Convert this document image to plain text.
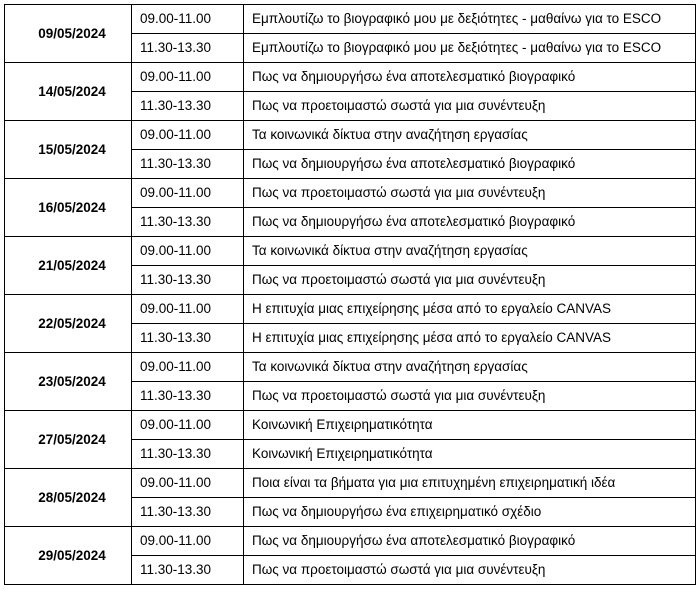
09/05/2024	09.00-11.00	Εμπλουτίζω το βιογραφικό μου με δεξιότητες - μαθαίνω για το ESCO
	11.30-13.30	Εμπλουτίζω το βιογραφικό μου με δεξιότητες - μαθαίνω για το ESCO
14/05/2024	09.00-11.00	Πως να δημιουργήσω ένα αποτελεσματικό βιογραφικό
	11.30-13.30	Πως να προετοιμαστώ σωστά για μια συνέντευξη
15/05/2024	09.00-11.00	Τα κοινωνικά δίκτυα στην αναζήτηση εργασίας
	11.30-13.30	Πως να δημιουργήσω ένα αποτελεσματικό βιογραφικό
16/05/2024	09.00-11.00	Πως να προετοιμαστώ σωστά για μια συνέντευξη
	11.30-13.30	Πως να δημιουργήσω ένα αποτελεσματικό βιογραφικό
21/05/2024	09.00-11.00	Τα κοινωνικά δίκτυα στην αναζήτηση εργασίας
	11.30-13.30	Πως να προετοιμαστώ σωστά για μια συνέντευξη
22/05/2024	09.00-11.00	Η επιτυχία μιας επιχείρησης μέσα από το εργαλείο CANVAS
	11.30-13.30	Η επιτυχία μιας επιχείρησης μέσα από το εργαλείο CANVAS
23/05/2024	09.00-11.00	Τα κοινωνικά δίκτυα στην αναζήτηση εργασίας
	11.30-13.30	Πως να προετοιμαστώ σωστά για μια συνέντευξη
27/05/2024	09.00-11.00	Κοινωνική Επιχειρηματικότητα
	11.30-13.30	Κοινωνική Επιχειρηματικότητα
28/05/2024	09.00-11.00	Ποια είναι τα βήματα για μια επιτυχημένη επιχειρηματική ιδέα
	11.30-13.30	Πως να δημιουργήσω ένα επιχειρηματικό σχέδιο
29/05/2024	09.00-11.00	Πως να δημιουργήσω ένα αποτελεσματικό βιογραφικό
	11.30-13.30	Πως να προετοιμαστώ σωστά για μια συνέντευξη
